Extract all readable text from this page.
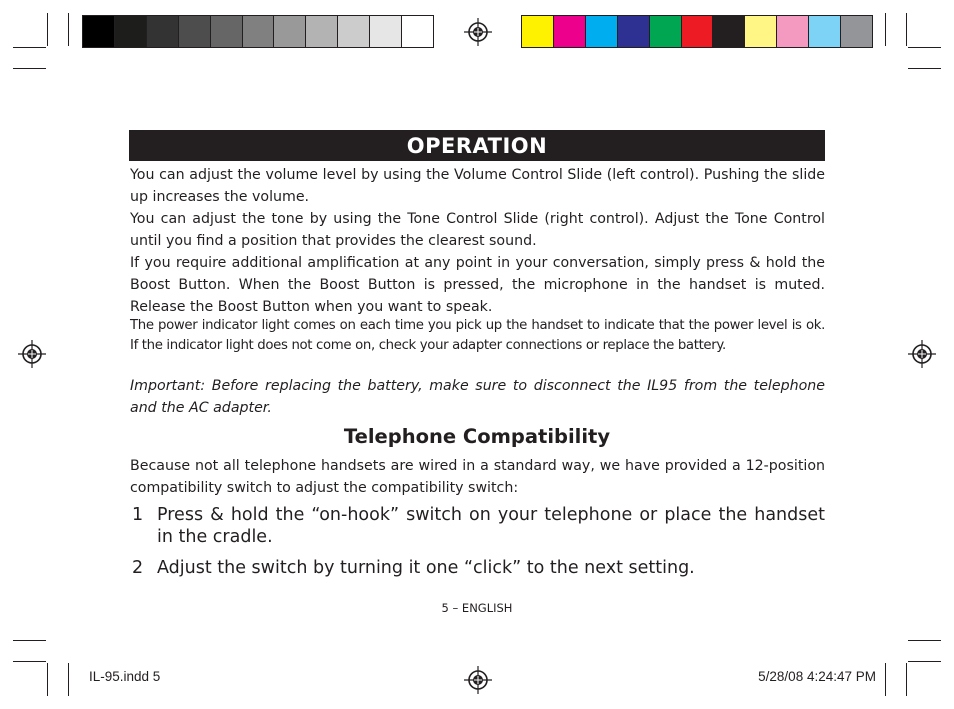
OPERATION

You can adjust the volume level by using the Volume Control Slide (left control). Pushing the slide up increases the volume.

You can adjust the tone by using the Tone Control Slide (right control). Adjust the Tone Control until you find a position that provides the clearest sound.

If you require additional amplification at any point in your conversation, simply press & hold the Boost Button. When the Boost Button is pressed, the microphone in the handset is muted. Release the Boost Button when you want to speak.

The power indicator light comes on each time you pick up the handset to indicate that the power level is ok. If the indicator light does not come on, check your adapter connections or replace the battery.

Important: Before replacing the battery, make sure to disconnect the IL95 from the telephone and the AC adapter.

Telephone Compatibility

Because not all telephone handsets are wired in a standard way, we have provided a 12-position compatibility switch to adjust the compatibility switch:

1 Press & hold the “on-hook” switch on your telephone or place the handset in the cradle.
2 Adjust the switch by turning it one “click” to the next setting.
5 – ENGLISH
IL-95.indd 5	5/28/08 4:24:47 PM
